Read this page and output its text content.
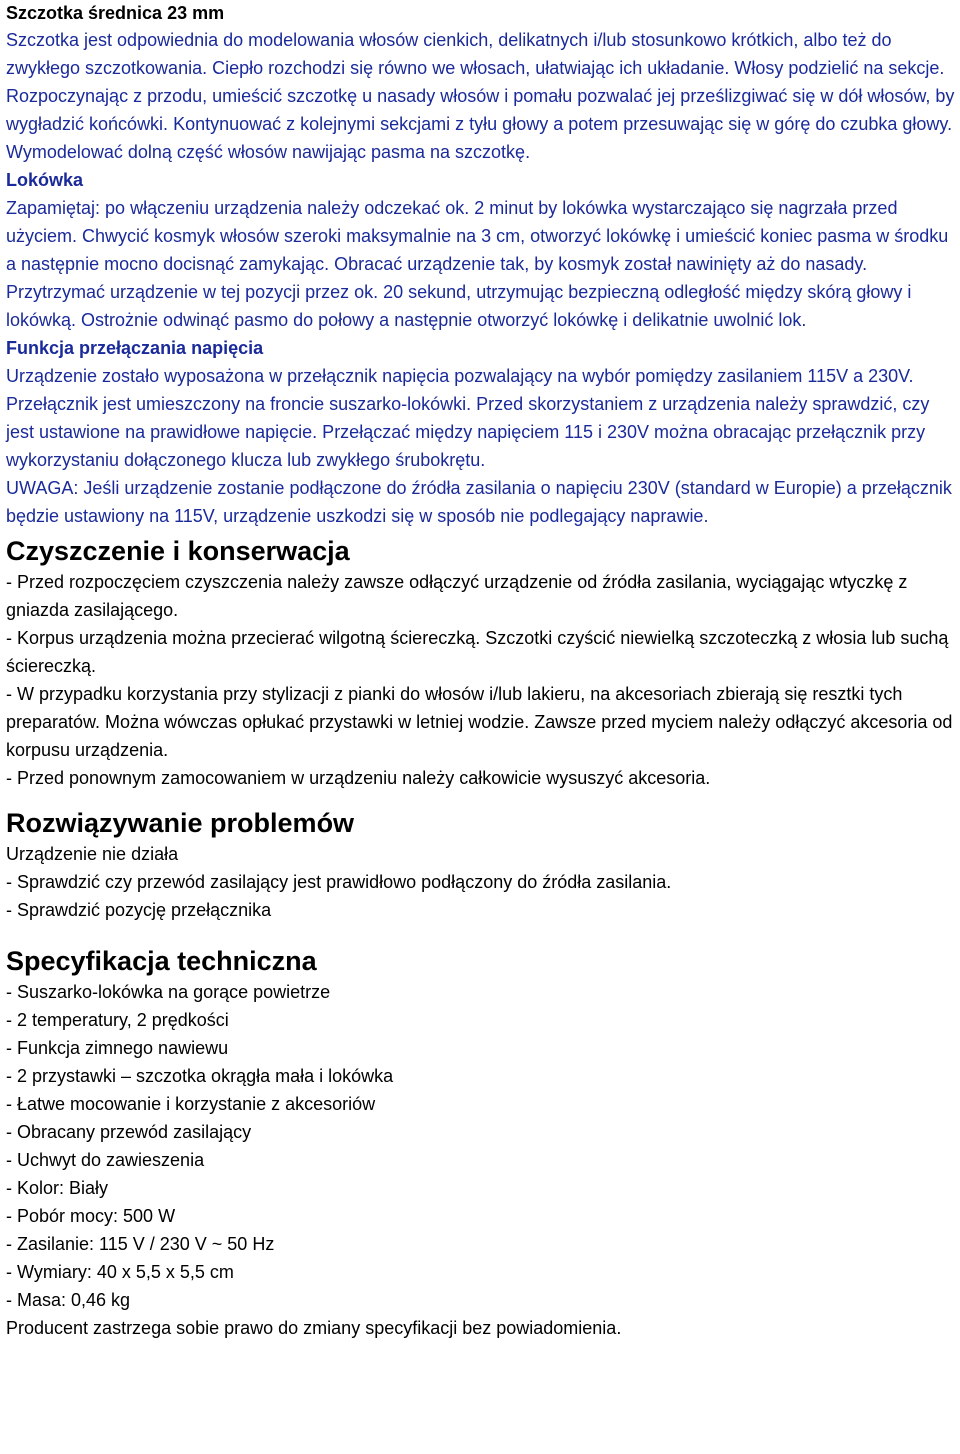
Szczotka średnica 23 mm

Szczotka jest odpowiednia do modelowania włosów cienkich, delikatnych i/lub stosunkowo krótkich, albo też do zwykłego szczotkowania. Ciepło rozchodzi się równo we włosach, ułatwiając ich układanie. Włosy podzielić na sekcje. Rozpoczynając z przodu, umieścić szczotkę u nasady włosów i pomału pozwalać jej prześlizgiwać się w dół włosów, by wygładzić końcówki. Kontynuować z kolejnymi sekcjami z tyłu głowy a potem przesuwając się w górę do czubka głowy. Wymodelować dolną część włosów nawijając pasma na szczotkę.

Lokówka

Zapamiętaj: po włączeniu urządzenia należy odczekać ok. 2 minut by lokówka wystarczająco się nagrzała przed użyciem. Chwycić kosmyk włosów szeroki maksymalnie na 3 cm, otworzyć lokówkę i umieścić koniec pasma w środku a następnie mocno docisnąć zamykając. Obracać urządzenie tak, by kosmyk został nawinięty aż do nasady. Przytrzymać urządzenie w tej pozycji przez ok. 20 sekund, utrzymując bezpieczną odległość między skórą głowy i lokówką. Ostrożnie odwinąć pasmo do połowy a następnie otworzyć lokówkę i delikatnie uwolnić lok.

Funkcja przełączania napięcia

Urządzenie zostało wyposażona w przełącznik napięcia pozwalający na wybór pomiędzy zasilaniem 115V a 230V. Przełącznik jest umieszczony na froncie suszarko-lokówki. Przed skorzystaniem z urządzenia należy sprawdzić, czy jest ustawione na prawidłowe napięcie. Przełączać między napięciem 115 i 230V można obracając przełącznik przy wykorzystaniu dołączonego klucza lub zwykłego śrubokrętu.

UWAGA: Jeśli urządzenie zostanie podłączone do źródła zasilania o napięciu 230V (standard w Europie) a przełącznik będzie ustawiony na 115V, urządzenie uszkodzi się w sposób nie podlegający naprawie.

Czyszczenie i konserwacja

- Przed rozpoczęciem czyszczenia należy zawsze odłączyć urządzenie od źródła zasilania, wyciągając wtyczkę z gniazda zasilającego.

- Korpus urządzenia można przecierać wilgotną ściereczką. Szczotki czyścić niewielką szczoteczką z włosia lub suchą ściereczką.

- W przypadku korzystania przy stylizacji z pianki do włosów i/lub lakieru, na akcesoriach zbierają się resztki tych preparatów. Można wówczas opłukać przystawki w letniej wodzie. Zawsze przed myciem należy odłączyć akcesoria od korpusu urządzenia.

- Przed ponownym zamocowaniem w urządzeniu należy całkowicie wysuszyć akcesoria.

Rozwiązywanie problemów

Urządzenie nie działa

- Sprawdzić czy przewód zasilający jest prawidłowo podłączony do źródła zasilania.

- Sprawdzić pozycję przełącznika

Specyfikacja techniczna

- Suszarko-lokówka na gorące powietrze
- 2 temperatury, 2 prędkości
- Funkcja zimnego nawiewu
- 2 przystawki – szczotka okrągła mała i lokówka
- Łatwe mocowanie i korzystanie z akcesoriów
- Obracany przewód zasilający
- Uchwyt do zawieszenia
- Kolor: Biały
- Pobór mocy: 500 W
- Zasilanie: 115 V / 230 V ~ 50 Hz
- Wymiary: 40 x 5,5 x 5,5 cm
- Masa: 0,46 kg

Producent zastrzega sobie prawo do zmiany specyfikacji bez powiadomienia.
